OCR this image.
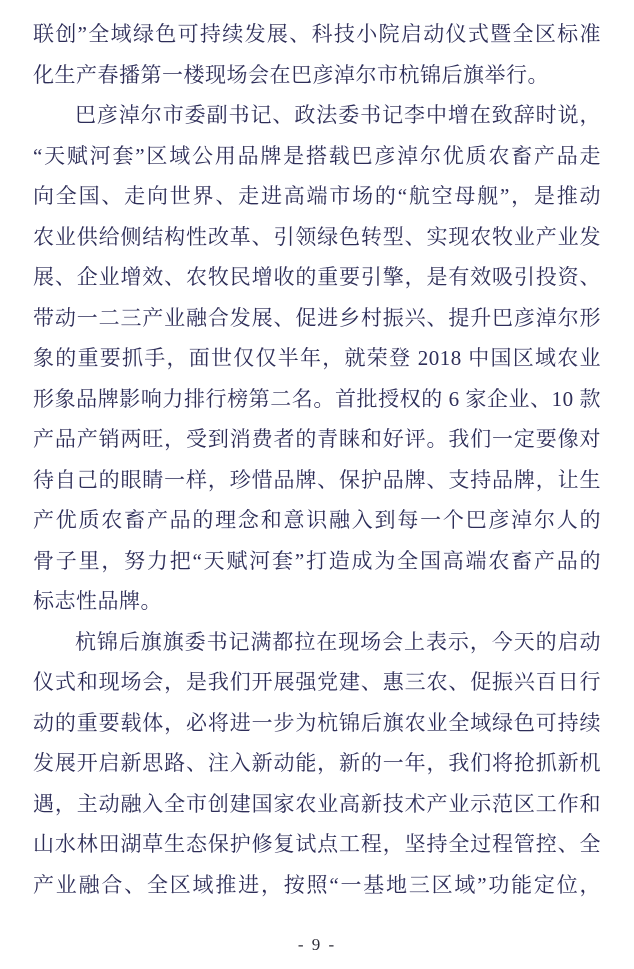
联创”全域绿色可持续发展、科技小院启动仪式暨全区标准
化生产春播第一楼现场会在巴彦淖尔市杭锦后旗举行。
巴彦淖尔市委副书记、政法委书记李中增在致辞时说，
“天赋河套”区域公用品牌是搭载巴彦淖尔优质农畜产品走
向全国、走向世界、走进高端市场的“航空母舰”，是推动
农业供给侧结构性改革、引领绿色转型、实现农牧业产业发
展、企业增效、农牧民增收的重要引擎，是有效吸引投资、
带动一二三产业融合发展、促进乡村振兴、提升巴彦淖尔形
象的重要抓手，面世仅仅半年，就荣登 2018 中国区域农业
形象品牌影响力排行榜第二名。首批授权的 6 家企业、10 款
产品产销两旺，受到消费者的青睐和好评。我们一定要像对
待自己的眼睛一样，珍惜品牌、保护品牌、支持品牌，让生
产优质农畜产品的理念和意识融入到每一个巴彦淖尔人的
骨子里，努力把“天赋河套”打造成为全国高端农畜产品的
标志性品牌。
杭锦后旗旗委书记满都拉在现场会上表示，今天的启动
仪式和现场会，是我们开展强党建、惠三农、促振兴百日行
动的重要载体，必将进一步为杭锦后旗农业全域绿色可持续
发展开启新思路、注入新动能，新的一年，我们将抢抓新机
遇，主动融入全市创建国家农业高新技术产业示范区工作和
山水林田湖草生态保护修复试点工程，坚持全过程管控、全
产业融合、全区域推进，按照“一基地三区域”功能定位，
- 9 -
